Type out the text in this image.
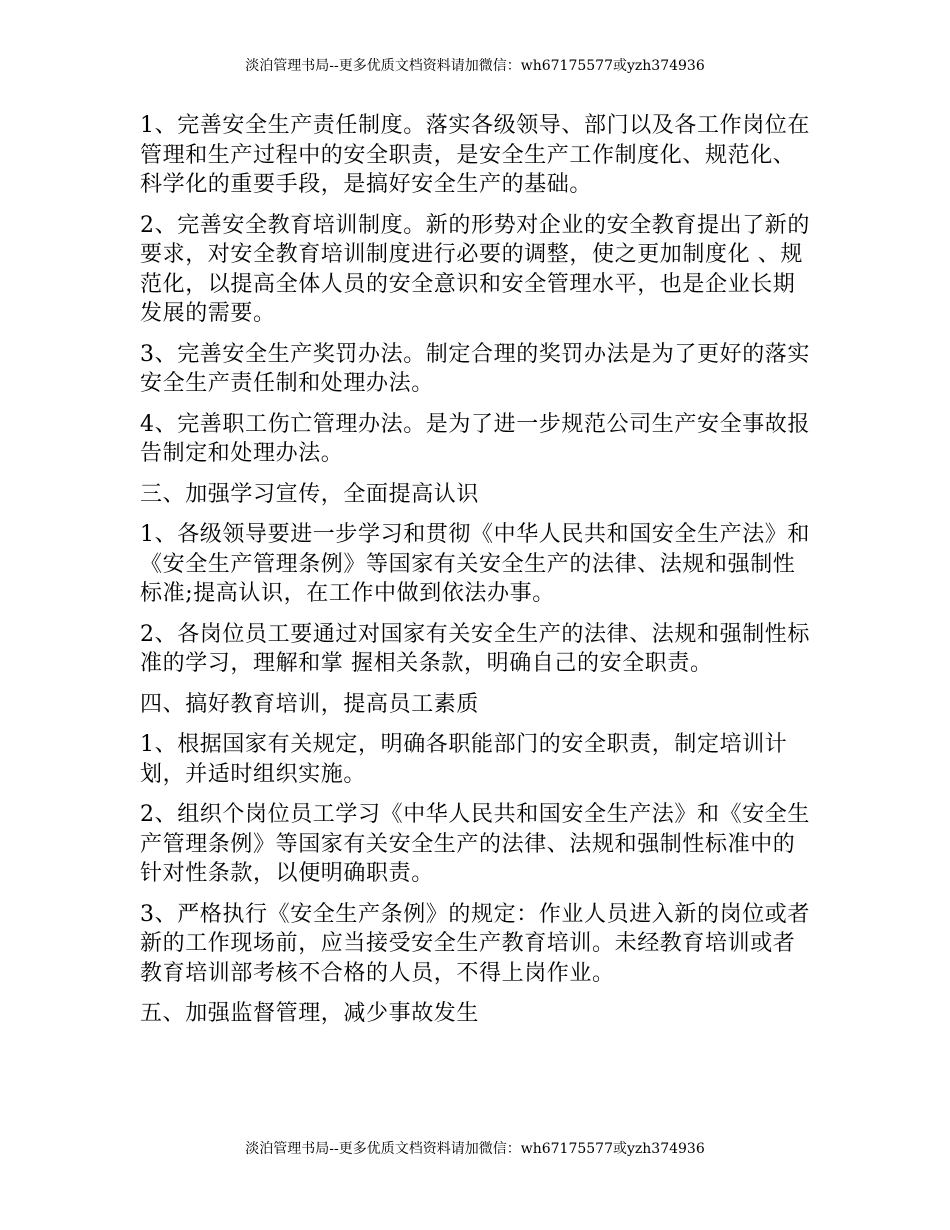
淡泊管理书局--更多优质文档资料请加微信：wh67175577或yzh374936

1、完善安全生产责任制度。落实各级领导、部门以及各工作岗位在管理和生产过程中的安全职责，是安全生产工作制度化、规范化、科学化的重要手段，是搞好安全生产的基础。

2、完善安全教育培训制度。新的形势对企业的安全教育提出了新的要求，对安全教育培训制度进行必要的调整，使之更加制度化 、规范化，以提高全体人员的安全意识和安全管理水平，也是企业长期发展的需要。

3、完善安全生产奖罚办法。制定合理的奖罚办法是为了更好的落实安全生产责任制和处理办法。

4、完善职工伤亡管理办法。是为了进一步规范公司生产安全事故报告制定和处理办法。

三、加强学习宣传，全面提高认识

1、各级领导要进一步学习和贯彻《中华人民共和国安全生产法》和《安全生产管理条例》等国家有关安全生产的法律、法规和强制性标准;提高认识，在工作中做到依法办事。

2、各岗位员工要通过对国家有关安全生产的法律、法规和强制性标准的学习，理解和掌 握相关条款，明确自己的安全职责。

四、搞好教育培训，提高员工素质

1、根据国家有关规定，明确各职能部门的安全职责，制定培训计划，并适时组织实施。

2、组织个岗位员工学习《中华人民共和国安全生产法》和《安全生产管理条例》等国家有关安全生产的法律、法规和强制性标准中的针对性条款，以便明确职责。

3、严格执行《安全生产条例》的规定：作业人员进入新的岗位或者新的工作现场前，应当接受安全生产教育培训。未经教育培训或者教育培训部考核不合格的人员，不得上岗作业。

五、加强监督管理，减少事故发生

淡泊管理书局--更多优质文档资料请加微信：wh67175577或yzh374936
